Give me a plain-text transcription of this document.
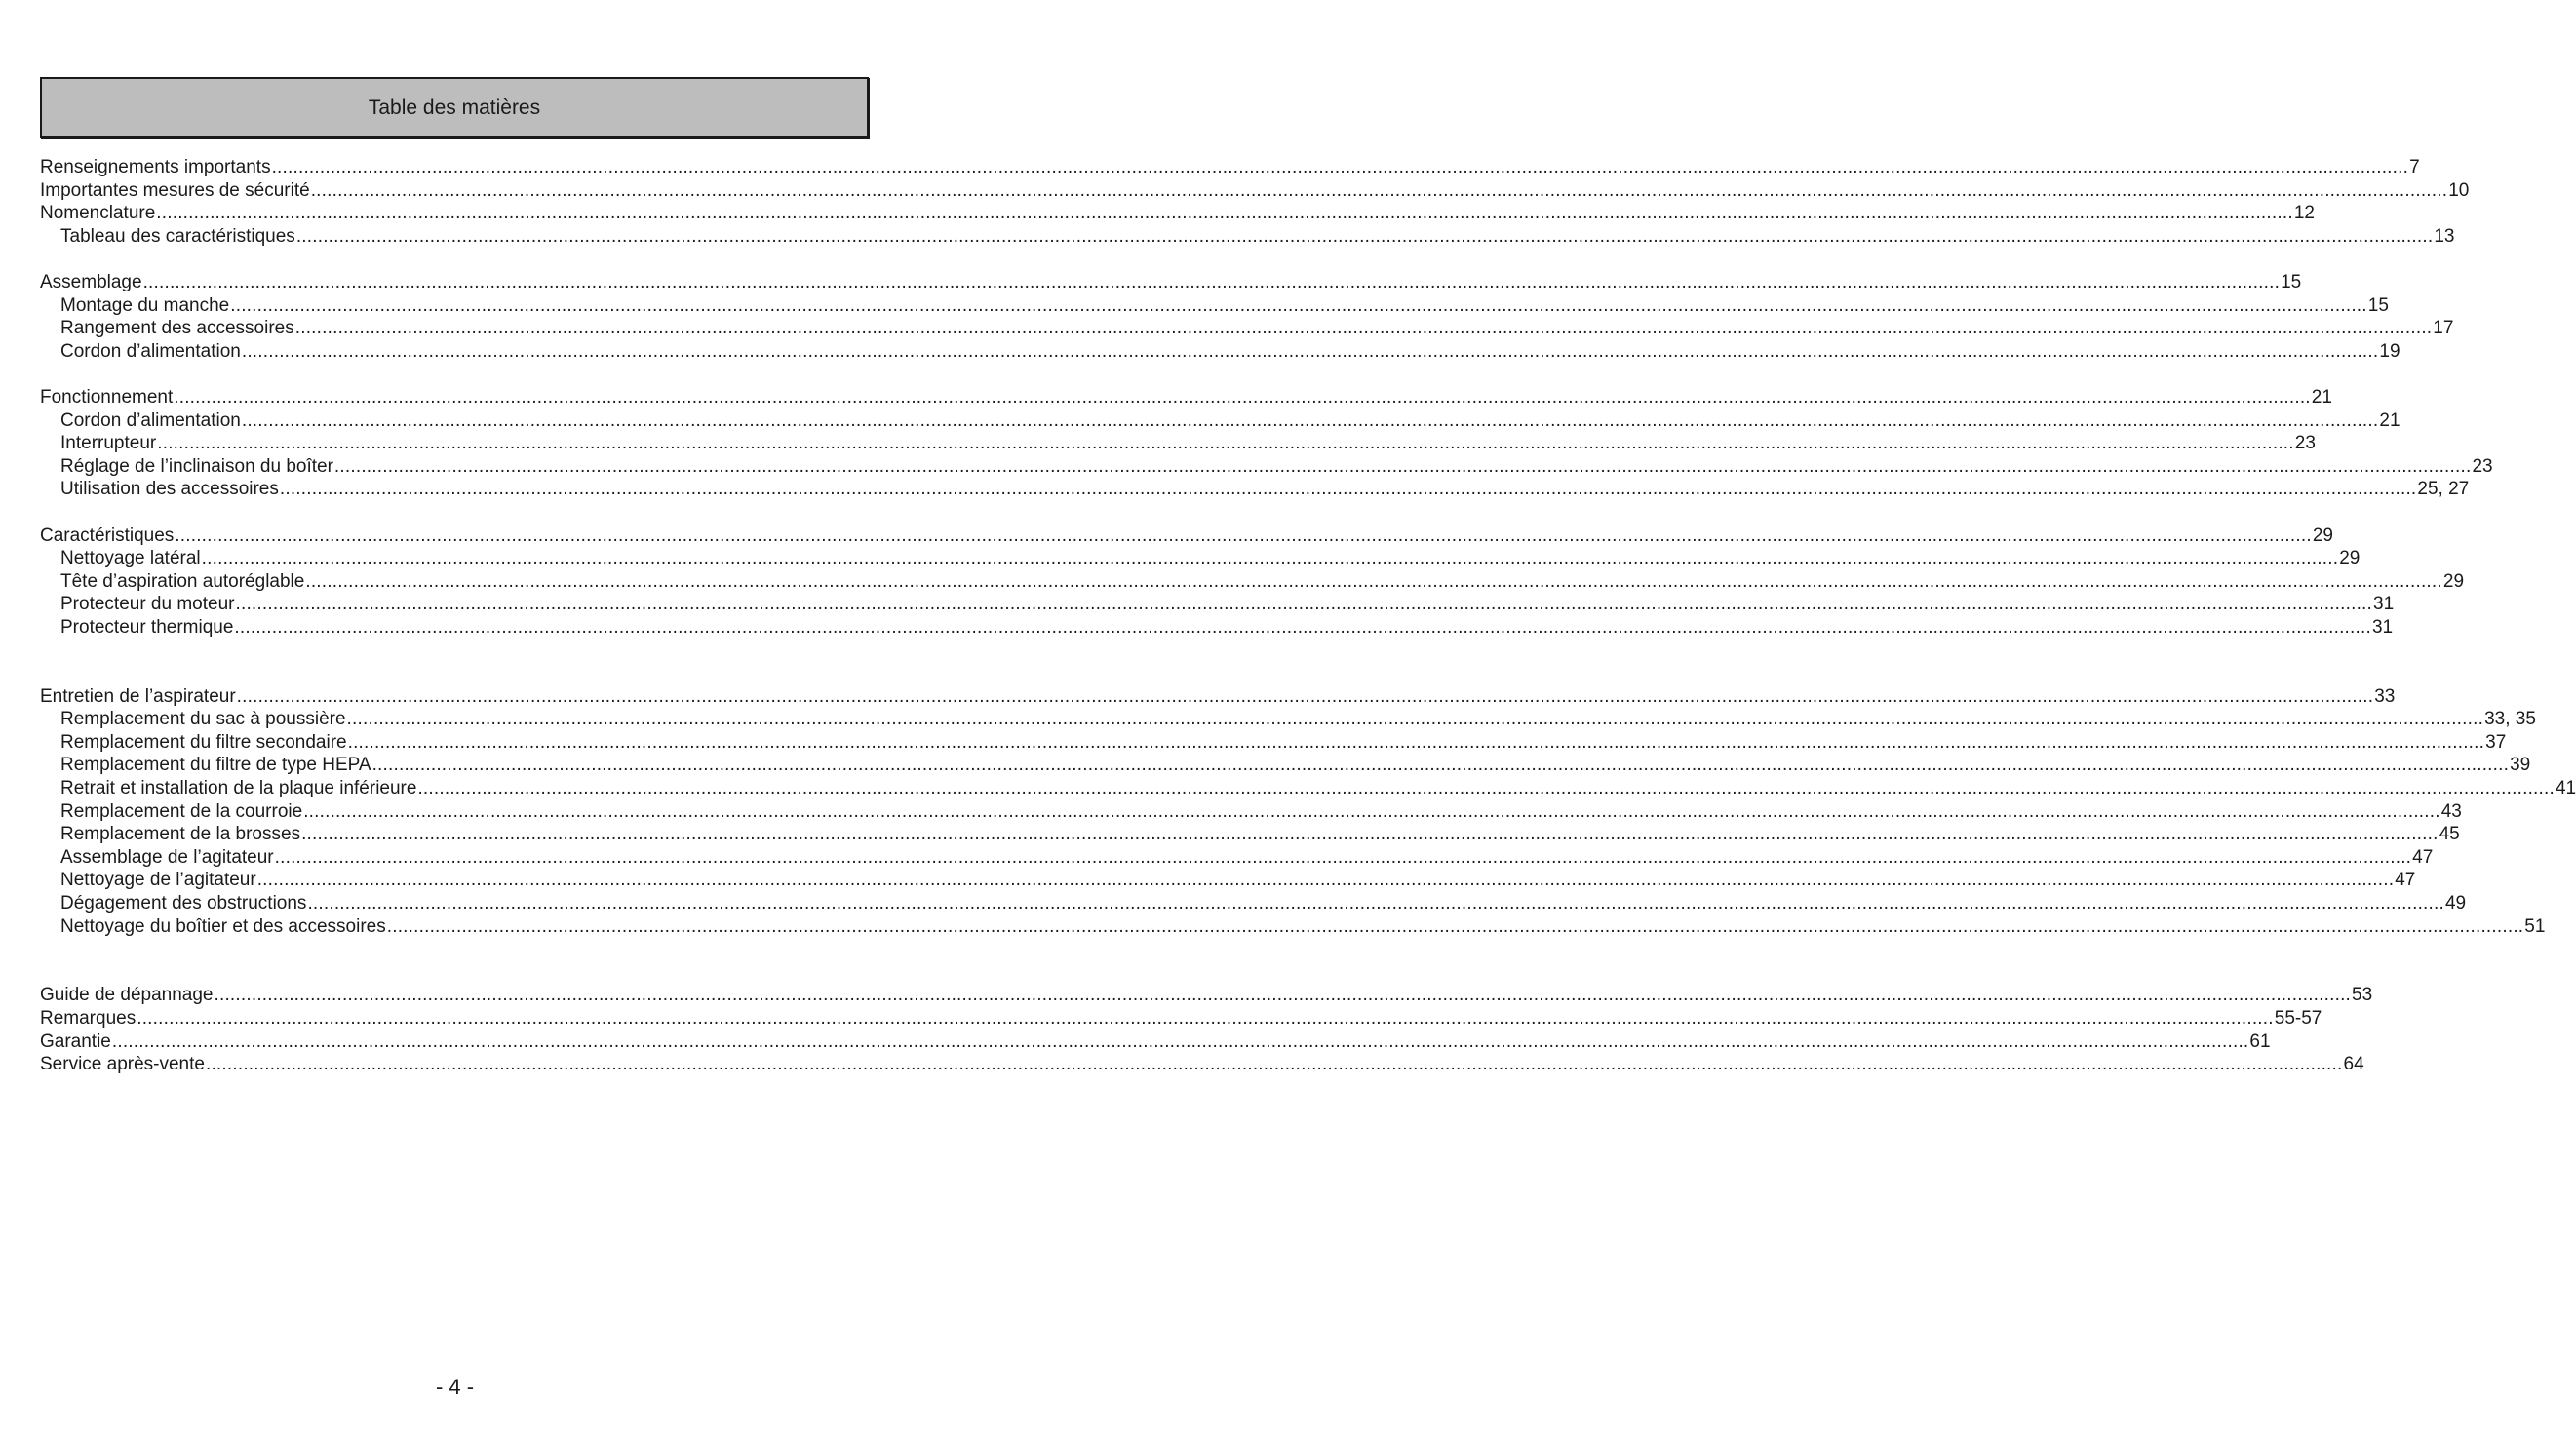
Table des matières
Renseignements importants ................................................................................................................................................................................................................................................................................................................................................................................................................ 7
Importantes mesures de sécurité ................................................................................................................................................................................................................................................................................................................................................................................................................ 10
Nomenclature ................................................................................................................................................................................................................................................................................................................................................................................................................ 12
Tableau des caractéristiques ................................................................................................................................................................................................................................................................................................................................................................................................................ 13
Assemblage ................................................................................................................................................................................................................................................................................................................................................................................................................ 15
Montage du manche ................................................................................................................................................................................................................................................................................................................................................................................................................ 15
Rangement des accessoires ................................................................................................................................................................................................................................................................................................................................................................................................................ 17
Cordon d’alimentation ................................................................................................................................................................................................................................................................................................................................................................................................................ 19
Fonctionnement ................................................................................................................................................................................................................................................................................................................................................................................................................ 21
Cordon d’alimentation ................................................................................................................................................................................................................................................................................................................................................................................................................ 21
Interrupteur ................................................................................................................................................................................................................................................................................................................................................................................................................ 23
Réglage de l’inclinaison du boîter ................................................................................................................................................................................................................................................................................................................................................................................................................ 23
Utilisation des accessoires ................................................................................................................................................................................................................................................................................................................................................................................................................ 25, 27
Caractéristiques ................................................................................................................................................................................................................................................................................................................................................................................................................ 29
Nettoyage latéral ................................................................................................................................................................................................................................................................................................................................................................................................................ 29
Tête d’aspiration autoréglable ................................................................................................................................................................................................................................................................................................................................................................................................................ 29
Protecteur du moteur ................................................................................................................................................................................................................................................................................................................................................................................................................ 31
Protecteur thermique ................................................................................................................................................................................................................................................................................................................................................................................................................ 31
Entretien de l’aspirateur ................................................................................................................................................................................................................................................................................................................................................................................................................ 33
Remplacement du sac à poussière ................................................................................................................................................................................................................................................................................................................................................................................................................ 33, 35
Remplacement du filtre secondaire ................................................................................................................................................................................................................................................................................................................................................................................................................ 37
Remplacement du filtre de type HEPA ................................................................................................................................................................................................................................................................................................................................................................................................................ 39
Retrait et installation de la plaque inférieure ................................................................................................................................................................................................................................................................................................................................................................................................................ 41
Remplacement de la courroie ................................................................................................................................................................................................................................................................................................................................................................................................................ 43
Remplacement de la brosses ................................................................................................................................................................................................................................................................................................................................................................................................................ 45
Assemblage de l’agitateur ................................................................................................................................................................................................................................................................................................................................................................................................................ 47
Nettoyage de l’agitateur ................................................................................................................................................................................................................................................................................................................................................................................................................ 47
Dégagement des obstructions ................................................................................................................................................................................................................................................................................................................................................................................................................ 49
Nettoyage du boîtier et des accessoires ................................................................................................................................................................................................................................................................................................................................................................................................................ 51
Guide de dépannage ................................................................................................................................................................................................................................................................................................................................................................................................................ 53
Remarques ................................................................................................................................................................................................................................................................................................................................................................................................................ 55-57
Garantie ................................................................................................................................................................................................................................................................................................................................................................................................................ 61
Service après-vente ................................................................................................................................................................................................................................................................................................................................................................................................................ 64
- 4 -
